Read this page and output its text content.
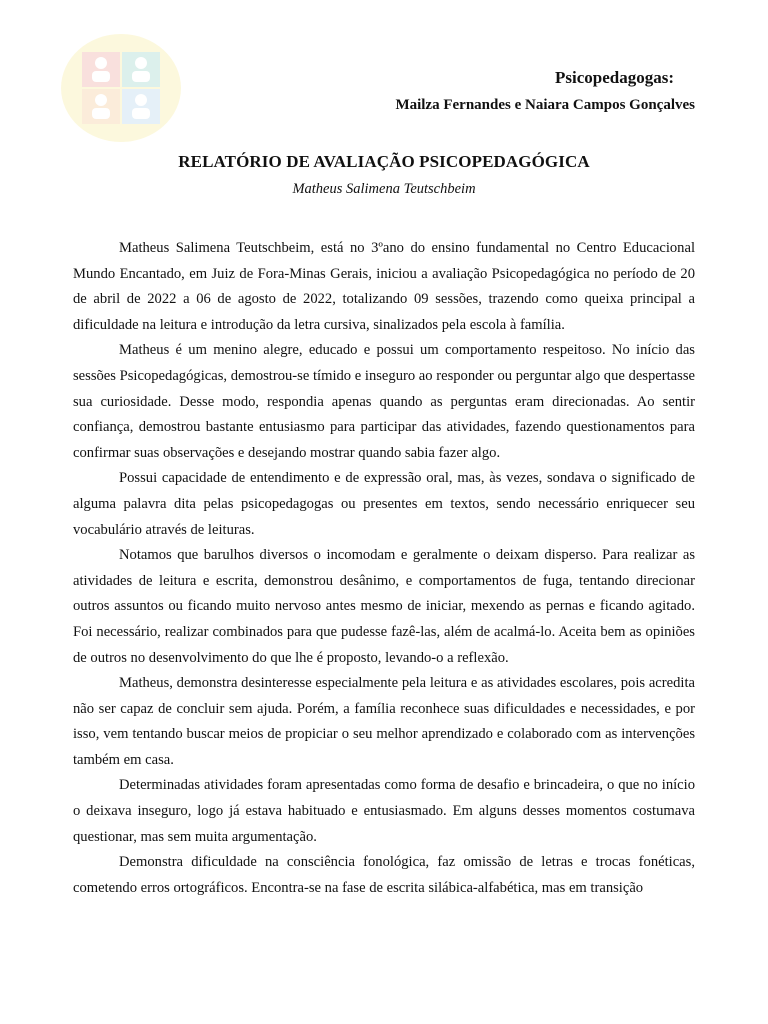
Psicopedagogas:
Mailza Fernandes e Naiara Campos Gonçalves
RELATÓRIO DE AVALIAÇÃO PSICOPEDAGÓGICA
Matheus Salimena Teutschbeim

Matheus Salimena Teutschbeim, está no 3ºano do ensino fundamental no Centro Educacional Mundo Encantado, em Juiz de Fora-Minas Gerais, iniciou a avaliação Psicopedagógica no período de 20 de abril de 2022 a 06 de agosto de 2022, totalizando 09 sessões, trazendo como queixa principal a dificuldade na leitura e introdução da letra cursiva, sinalizados pela escola à família.

Matheus é um menino alegre, educado e possui um comportamento respeitoso. No início das sessões Psicopedagógicas, demostrou-se tímido e inseguro ao responder ou perguntar algo que despertasse sua curiosidade. Desse modo, respondia apenas quando as perguntas eram direcionadas. Ao sentir confiança, demostrou bastante entusiasmo para participar das atividades, fazendo questionamentos para confirmar suas observações e desejando mostrar quando sabia fazer algo.

Possui capacidade de entendimento e de expressão oral, mas, às vezes, sondava o significado de alguma palavra dita pelas psicopedagogas ou presentes em textos, sendo necessário enriquecer seu vocabulário através de leituras.

Notamos que barulhos diversos o incomodam e geralmente o deixam disperso. Para realizar as atividades de leitura e escrita, demonstrou desânimo, e comportamentos de fuga, tentando direcionar outros assuntos ou ficando muito nervoso antes mesmo de iniciar, mexendo as pernas e ficando agitado. Foi necessário, realizar combinados para que pudesse fazê-las, além de acalmá-lo. Aceita bem as opiniões de outros no desenvolvimento do que lhe é proposto, levando-o a reflexão.

Matheus, demonstra desinteresse especialmente pela leitura e as atividades escolares, pois acredita não ser capaz de concluir sem ajuda. Porém, a família reconhece suas dificuldades e necessidades, e por isso, vem tentando buscar meios de propiciar o seu melhor aprendizado e colaborado com as intervenções também em casa.

Determinadas atividades foram apresentadas como forma de desafio e brincadeira, o que no início o deixava inseguro, logo já estava habituado e entusiasmado. Em alguns desses momentos costumava questionar, mas sem muita argumentação.

Demonstra dificuldade na consciência fonológica, faz omissão de letras e trocas fonéticas, cometendo erros ortográficos. Encontra-se na fase de escrita silábica-alfabética, mas em transição
